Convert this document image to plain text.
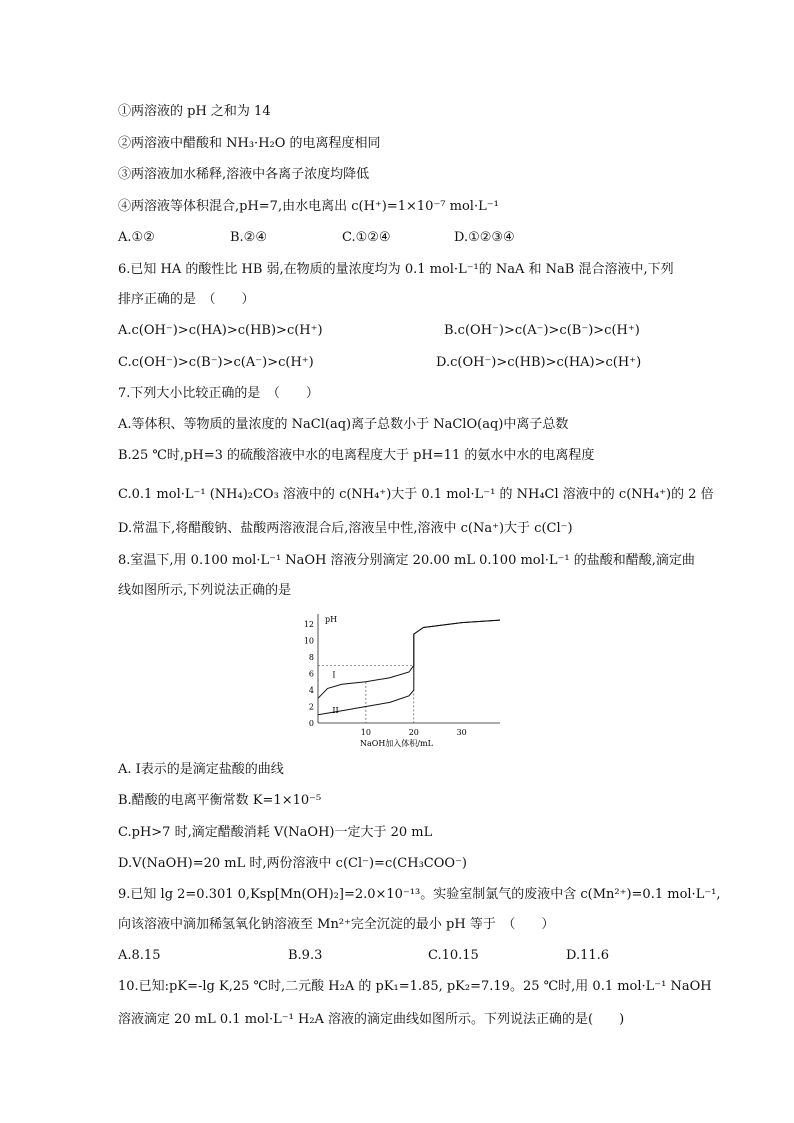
①两溶液的 pH 之和为 14
②两溶液中醋酸和 NH₃·H₂O 的电离程度相同
③两溶液加水稀释,溶液中各离子浓度均降低
④两溶液等体积混合,pH=7,由水电离出 c(H⁺)=1×10⁻⁷ mol·L⁻¹
A.①②	B.②④	C.①②④	D.①②③④
6.已知 HA 的酸性比 HB 弱,在物质的量浓度均为 0.1 mol·L⁻¹的 NaA 和 NaB 混合溶液中,下列
排序正确的是　（　　）
A.c(OH⁻)>c(HA)>c(HB)>c(H⁺)	B.c(OH⁻)>c(A⁻)>c(B⁻)>c(H⁺)
C.c(OH⁻)>c(B⁻)>c(A⁻)>c(H⁺)	D.c(OH⁻)>c(HB)>c(HA)>c(H⁺)
7.下列大小比较正确的是　（　　）
A.等体积、等物质的量浓度的 NaCl(aq)离子总数小于 NaClO(aq)中离子总数
B.25 ℃时,pH=3 的硫酸溶液中水的电离程度大于 pH=11 的氨水中水的电离程度
C.0.1 mol·L⁻¹ (NH₄)₂CO₃ 溶液中的 c(NH₄⁺)大于 0.1 mol·L⁻¹ 的 NH₄Cl 溶液中的 c(NH₄⁺)的 2 倍
D.常温下,将醋酸钠、盐酸两溶液混合后,溶液呈中性,溶液中 c(Na⁺)大于 c(Cl⁻)
8.室温下,用 0.100 mol·L⁻¹ NaOH 溶液分别滴定 20.00 mL 0.100 mol·L⁻¹ 的盐酸和醋酸,滴定曲
线如图所示,下列说法正确的是
pH
NaOH加入体积/mL
0
2
4
6
8
10
12
10	20	30
I
II
A. Ⅰ表示的是滴定盐酸的曲线
B.醋酸的电离平衡常数 K=1×10⁻⁵
C.pH>7 时,滴定醋酸消耗 V(NaOH)一定大于 20 mL
D.V(NaOH)=20 mL 时,两份溶液中 c(Cl⁻)=c(CH₃COO⁻)
9.已知 lg 2=0.301 0,Ksp[Mn(OH)₂]=2.0×10⁻¹³。实验室制氯气的废液中含 c(Mn²⁺)=0.1 mol·L⁻¹,
向该溶液中滴加稀氢氧化钠溶液至 Mn²⁺完全沉淀的最小 pH 等于　（　　）
A.8.15	B.9.3	C.10.15	D.11.6
10.已知:pK=-lg K,25 ℃时,二元酸 H₂A 的 pK₁=1.85, pK₂=7.19。25 ℃时,用 0.1 mol·L⁻¹ NaOH
溶液滴定 20 mL 0.1 mol·L⁻¹ H₂A 溶液的滴定曲线如图所示。下列说法正确的是(　　)
